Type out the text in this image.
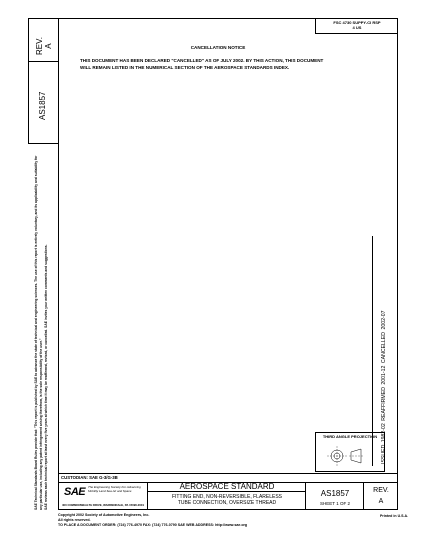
FSC 4730 SUPPY-CI RSP
4 US
REV. A
AS1857
SAE Technical Standards Board Rules provide that: "This report is published by SAE to advance the state of technical and engineering sciences. The use of this report is entirely voluntary, and its applicability and suitability for any particular use, including any patent infringement arising therefrom, is the sole responsibility of the user." SAE reviews each technical report at least every five years at which time it may be reaffirmed, revised, or cancelled. SAE invites your written comments and suggestions.
CANCELLATION NOTICE
THIS DOCUMENT HAS BEEN DECLARED "CANCELLED" AS OF JULY 2002. BY THIS ACTION, THIS DOCUMENT
WILL REMAIN LISTED IN THE NUMERICAL SECTION OF THE AEROSPACE STANDARDS INDEX.
ISSUED 1982-02 REAFFIRMED 2001-12 CANCELLED 2002-07
THIRD ANGLE PROJECTION
CUSTODIAN: SAE G-3/G-3B
SAE The Engineering Society For Advancing Mobility Land Sea Air and Space
400 COMMONWEALTH DRIVE, WARRENDALE, PA 15096-0001
AEROSPACE STANDARD
FITTING END, NON-REVERSIBLE, FLARELESS
TUBE CONNECTION, OVERSIZE THREAD
AS1857
SHEET 1 OF 2
REV.
A
Copyright 2002 Society of Automotive Engineers, Inc.
All rights reserved.
TO PLACE A DOCUMENT ORDER: (724) 776-4970 FAX: (724) 776-0790 SAE WEB ADDRESS: http://www.sae.org
Printed in U.S.A.
